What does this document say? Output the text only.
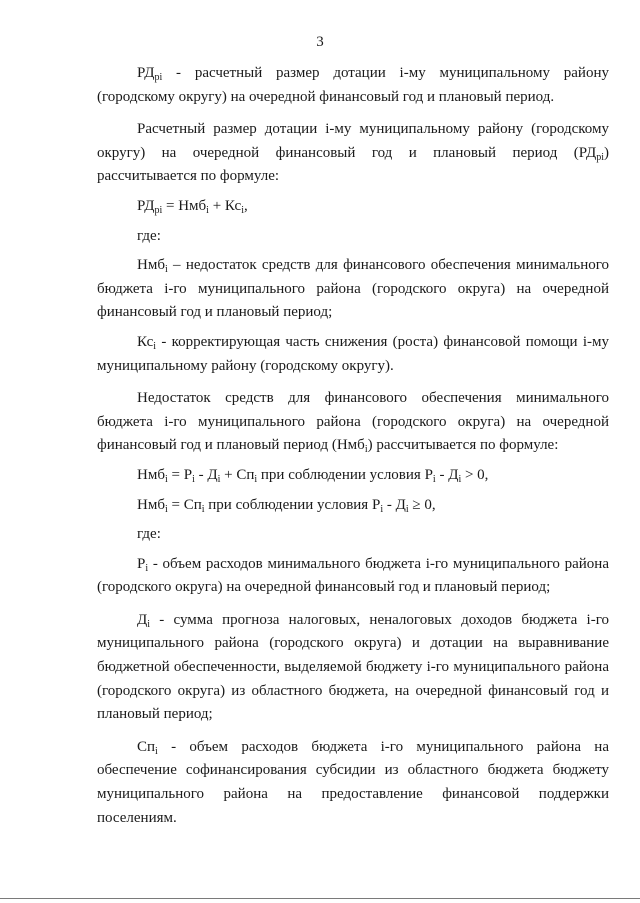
3

$РД_{pi}$ - расчетный размер дотации i-му муниципальному району (городскому округу) на очередной финансовый год и плановый период.

Расчетный размер дотации i-му муниципальному району (городскому округу) на очередной финансовый год и плановый период $(РД_{pi})$ рассчитывается по формуле:

$РД_{pi} = Нмб_i + Кс_i$,

где:

Нмб$_i$ – недостаток средств для финансового обеспечения минимального бюджета i-го муниципального района (городского округа) на очередной финансовый год и плановый период;

$Кс_i$ - корректирующая часть снижения (роста) финансовой помощи i-му муниципальному району (городскому округу).

Недостаток средств для финансового обеспечения минимального бюджета i-го муниципального района (городского округа) на очередной финансовый год и плановый период (Нмб$_i$) рассчитывается по формуле:

$Нмб_i = Р_i - Д_i + Сп_i$ при соблюдении условия $Р_i - Д_i > 0$,

$Нмб_i = Сп_i$ при соблюдении условия $Р_i - Д_i \ge 0$,

где:

$Р_i$ - объем расходов минимального бюджета i-го муниципального района (городского округа) на очередной финансовый год и плановый период;

$Д_i$ - сумма прогноза налоговых, неналоговых доходов бюджета i-го муниципального района (городского округа) и дотации на выравнивание бюджетной обеспеченности, выделяемой бюджету i-го муниципального района (городского округа) из областного бюджета, на очередной финансовый год и плановый период;

$Сп_i$ - объем расходов бюджета i-го муниципального района на обеспечение софинансирования субсидии из областного бюджета бюджету муниципального района на предоставление финансовой поддержки поселениям.
